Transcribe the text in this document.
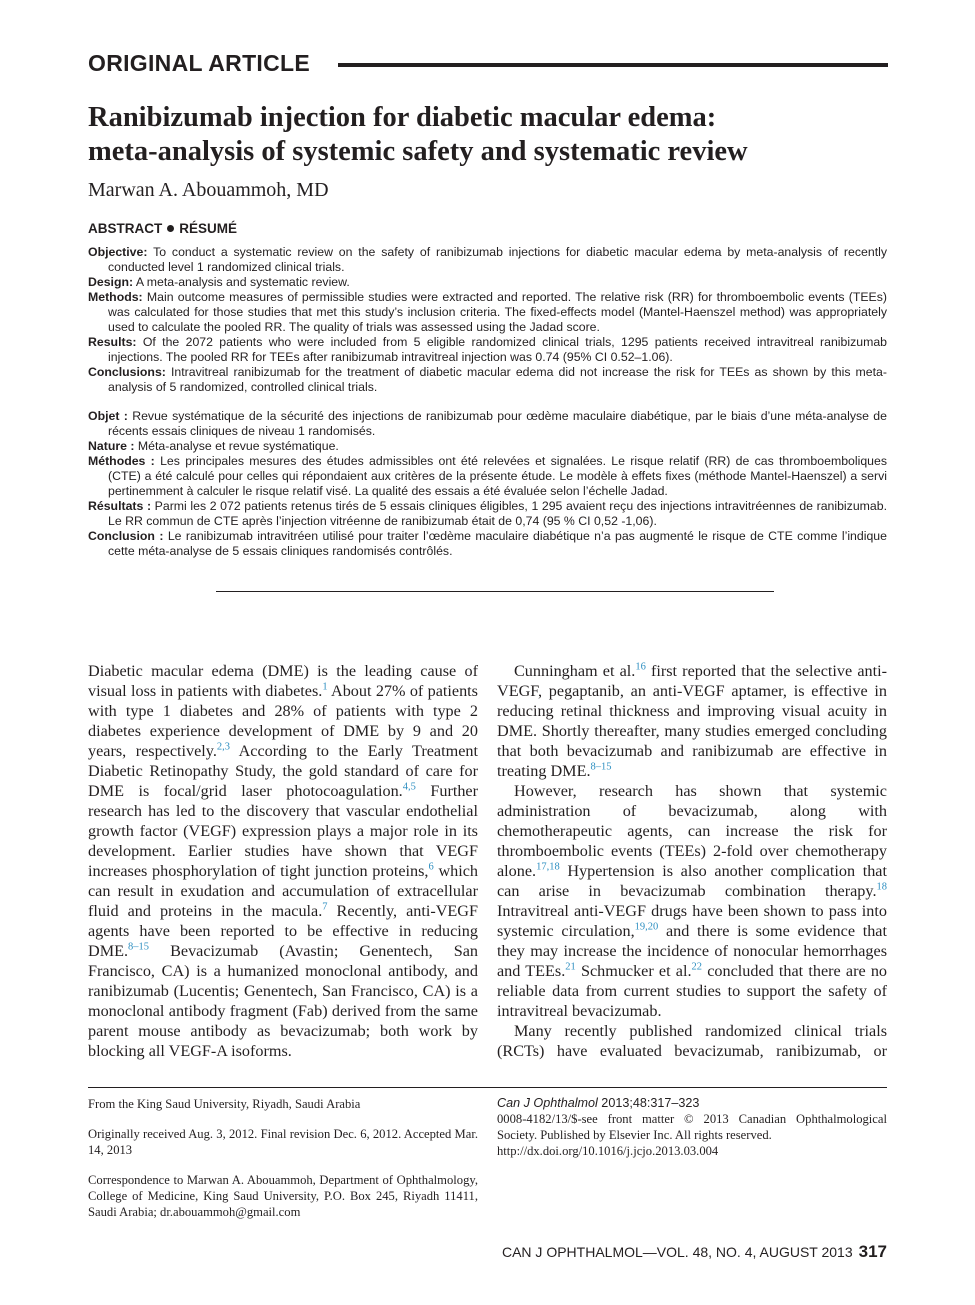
ORIGINAL ARTICLE
Ranibizumab injection for diabetic macular edema:
meta-analysis of systemic safety and systematic review
Marwan A. Abouammoh, MD
ABSTRACT RÉSUMÉ

Objective: To conduct a systematic review on the safety of ranibizumab injections for diabetic macular edema by meta-analysis of recently conducted level 1 randomized clinical trials.

Design: A meta-analysis and systematic review.

Methods: Main outcome measures of permissible studies were extracted and reported. The relative risk (RR) for thromboembolic events (TEEs) was calculated for those studies that met this study’s inclusion criteria. The fixed-effects model (Mantel-Haenszel method) was appropriately used to calculate the pooled RR. The quality of trials was assessed using the Jadad score.

Results: Of the 2072 patients who were included from 5 eligible randomized clinical trials, 1295 patients received intravitreal ranibizumab injections. The pooled RR for TEEs after ranibizumab intravitreal injection was 0.74 (95% CI 0.52–1.06).

Conclusions: Intravitreal ranibizumab for the treatment of diabetic macular edema did not increase the risk for TEEs as shown by this meta-analysis of 5 randomized, controlled clinical trials.

Objet : Revue systématique de la sécurité des injections de ranibizumab pour œdème maculaire diabétique, par le biais d’une méta-analyse de récents essais cliniques de niveau 1 randomisés.

Nature : Méta-analyse et revue systématique.

Méthodes : Les principales mesures des études admissibles ont été relevées et signalées. Le risque relatif (RR) de cas thromboemboliques (CTE) a été calculé pour celles qui répondaient aux critères de la présente étude. Le modèle à effets fixes (méthode Mantel-Haenszel) a servi pertinemment à calculer le risque relatif visé. La qualité des essais a été évaluée selon l’échelle Jadad.

Résultats : Parmi les 2 072 patients retenus tirés de 5 essais cliniques éligibles, 1 295 avaient reçu des injections intravitréennes de ranibizumab. Le RR commun de CTE après l’injection vitréenne de ranibizumab était de 0,74 (95 % CI 0,52 -1,06).

Conclusion : Le ranibizumab intravitréen utilisé pour traiter l’œdème maculaire diabétique n’a pas augmenté le risque de CTE comme l’indique cette méta-analyse de 5 essais cliniques randomisés contrôlés.

Diabetic macular edema (DME) is the leading cause of visual loss in patients with diabetes.$^1$ About 27% of patients with type 1 diabetes and 28% of patients with type 2 diabetes experience development of DME by 9 and 20 years, respectively.$^{2,3}$ According to the Early Treatment Diabetic Retinopathy Study, the gold standard of care for DME is focal/grid laser photocoagulation.$^{4,5}$ Further research has led to the discovery that vascular endothelial growth factor (VEGF) expression plays a major role in its development. Earlier studies have shown that VEGF increases phosphorylation of tight junction proteins,$^6$ which can result in exudation and accumulation of extracellular fluid and proteins in the macula.$^7$ Recently, anti-VEGF agents have been reported to be effective in reducing DME.$^{8-15}$ Bevacizumab (Avastin; Genentech, San Francisco, CA) is a humanized monoclonal antibody, and ranibizumab (Lucentis; Genentech, San Francisco, CA) is a monoclonal antibody fragment (Fab) derived from the same parent mouse antibody as bevacizumab; both work by blocking all VEGF-A isoforms.

Cunningham et al.$^{16}$ first reported that the selective anti-VEGF, pegaptanib, an anti-VEGF aptamer, is effective in reducing retinal thickness and improving visual acuity in DME. Shortly thereafter, many studies emerged concluding that both bevacizumab and ranibizumab are effective in treating DME.$^{8-15}$

However, research has shown that systemic administration of bevacizumab, along with chemotherapeutic agents, can increase the risk for thromboembolic events (TEEs) 2-fold over chemotherapy alone.$^{17,18}$ Hypertension is also another complication that can arise in bevacizumab combination therapy.$^{18}$ Intravitreal anti-VEGF drugs have been shown to pass into systemic circulation,$^{19,20}$ and there is some evidence that they may increase the incidence of nonocular hemorrhages and TEEs.$^{21}$ Schmucker et al.$^{22}$ concluded that there are no reliable data from current studies to support the safety of intravitreal bevacizumab.

Many recently published randomized clinical trials (RCTs) have evaluated bevacizumab, ranibizumab, or

From the King Saud University, Riyadh, Saudi Arabia

Originally received Aug. 3, 2012. Final revision Dec. 6, 2012. Accepted Mar. 14, 2013

Correspondence to Marwan A. Abouammoh, Department of Ophthalmology, College of Medicine, King Saud University, P.O. Box 245, Riyadh 11411, Saudi Arabia; dr.abouammoh@gmail.com

Can J Ophthalmol 2013;48:317–323

0008-4182/13/$-see front matter © 2013 Canadian Ophthalmological Society. Published by Elsevier Inc. All rights reserved.

http://dx.doi.org/10.1016/j.jcjo.2013.03.004

CAN J OPHTHALMOL—VOL. 48, NO. 4, AUGUST 2013 317
